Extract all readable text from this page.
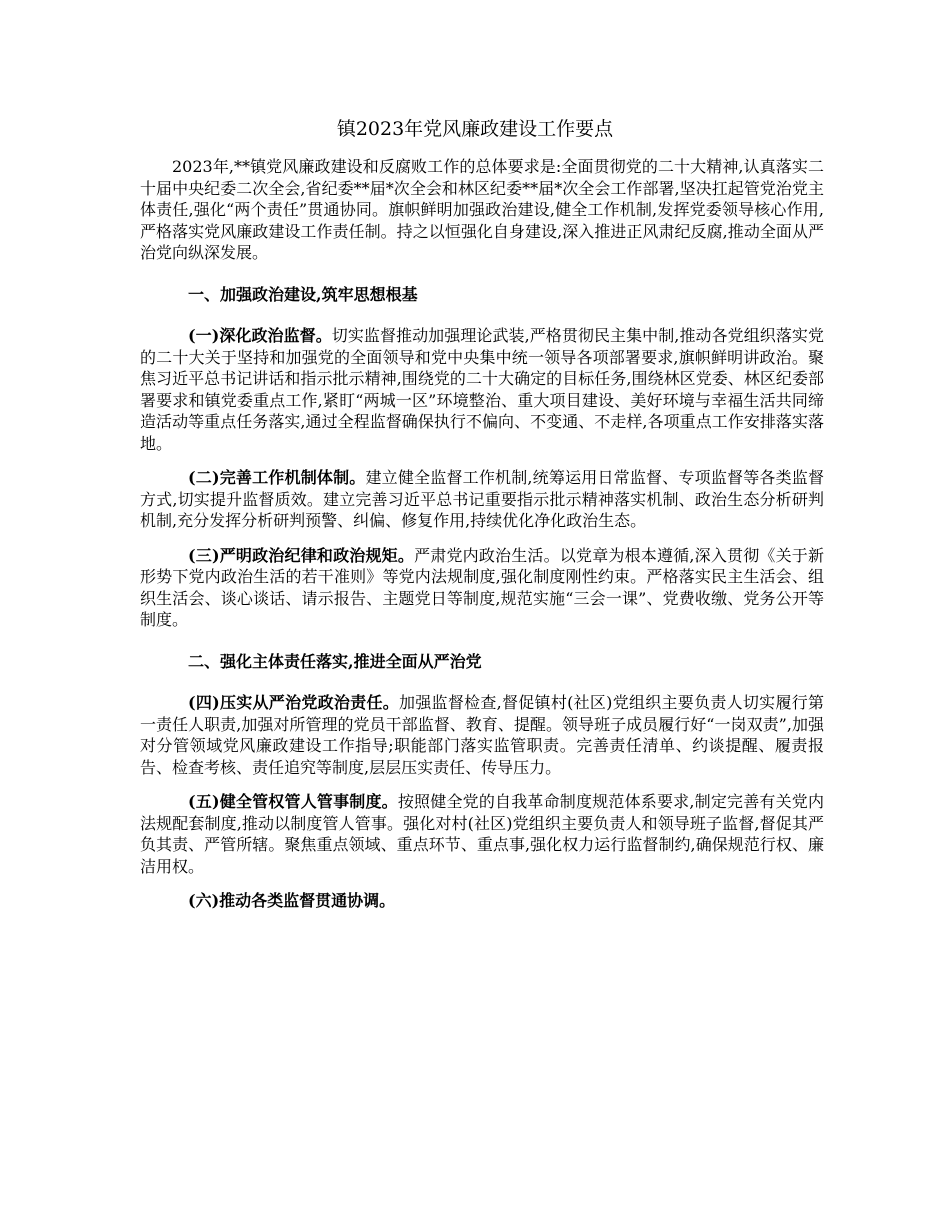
镇2023年党风廉政建设工作要点

2023年,**镇党风廉政建设和反腐败工作的总体要求是:全面贯彻党的二十大精神,认真落实二十届中央纪委二次全会,省纪委**届*次全会和林区纪委**届*次全会工作部署,坚决扛起管党治党主体责任,强化“两个责任”贯通协同。旗帜鲜明加强政治建设,健全工作机制,发挥党委领导核心作用,严格落实党风廉政建设工作责任制。持之以恒强化自身建设,深入推进正风肃纪反腐,推动全面从严治党向纵深发展。

一、加强政治建设,筑牢思想根基

(一)深化政治监督。切实监督推动加强理论武装,严格贯彻民主集中制,推动各党组织落实党的二十大关于坚持和加强党的全面领导和党中央集中统一领导各项部署要求,旗帜鲜明讲政治。聚焦习近平总书记讲话和指示批示精神,围绕党的二十大确定的目标任务,围绕林区党委、林区纪委部署要求和镇党委重点工作,紧盯“两城一区”环境整治、重大项目建设、美好环境与幸福生活共同缔造活动等重点任务落实,通过全程监督确保执行不偏向、不变通、不走样,各项重点工作安排落实落地。

(二)完善工作机制体制。建立健全监督工作机制,统筹运用日常监督、专项监督等各类监督方式,切实提升监督质效。建立完善习近平总书记重要指示批示精神落实机制、政治生态分析研判机制,充分发挥分析研判预警、纠偏、修复作用,持续优化净化政治生态。

(三)严明政治纪律和政治规矩。严肃党内政治生活。以党章为根本遵循,深入贯彻《关于新形势下党内政治生活的若干准则》等党内法规制度,强化制度刚性约束。严格落实民主生活会、组织生活会、谈心谈话、请示报告、主题党日等制度,规范实施“三会一课”、党费收缴、党务公开等制度。

二、强化主体责任落实,推进全面从严治党

(四)压实从严治党政治责任。加强监督检查,督促镇村(社区)党组织主要负责人切实履行第一责任人职责,加强对所管理的党员干部监督、教育、提醒。领导班子成员履行好“一岗双责”,加强对分管领域党风廉政建设工作指导;职能部门落实监管职责。完善责任清单、约谈提醒、履责报告、检查考核、责任追究等制度,层层压实责任、传导压力。

(五)健全管权管人管事制度。按照健全党的自我革命制度规范体系要求,制定完善有关党内法规配套制度,推动以制度管人管事。强化对村(社区)党组织主要负责人和领导班子监督,督促其严负其责、严管所辖。聚焦重点领域、重点环节、重点事,强化权力运行监督制约,确保规范行权、廉洁用权。

(六)推动各类监督贯通协调。
